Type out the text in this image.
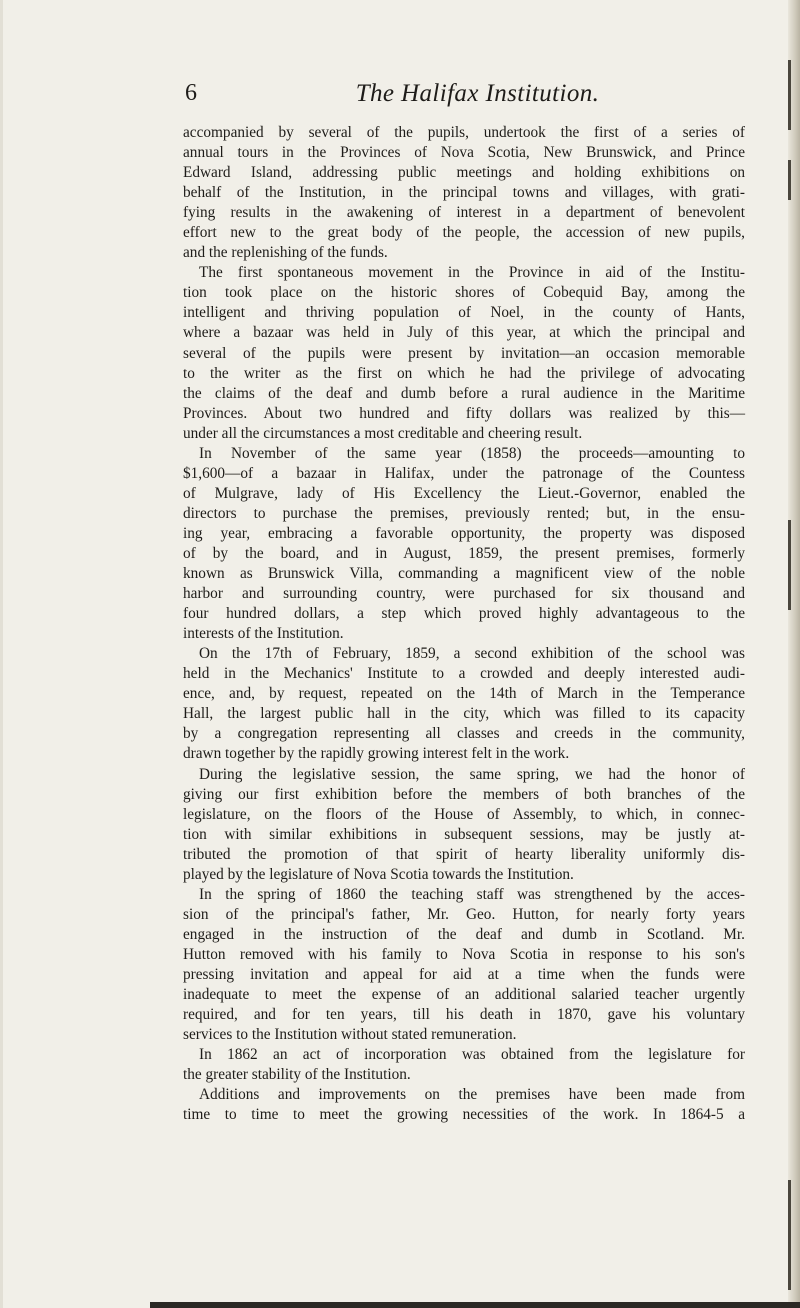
6	The Halifax Institution.
accompanied by several of the pupils, undertook the first of a series of
annual tours in the Provinces of Nova Scotia, New Brunswick, and Prince
Edward Island, addressing public meetings and holding exhibitions on
behalf of the Institution, in the principal towns and villages, with grati-
fying results in the awakening of interest in a department of benevolent
effort new to the great body of the people, the accession of new pupils,
and the replenishing of the funds.
The first spontaneous movement in the Province in aid of the Institu-
tion took place on the historic shores of Cobequid Bay, among the
intelligent and thriving population of Noel, in the county of Hants,
where a bazaar was held in July of this year, at which the principal and
several of the pupils were present by invitation—an occasion memorable
to the writer as the first on which he had the privilege of advocating
the claims of the deaf and dumb before a rural audience in the Maritime
Provinces. About two hundred and fifty dollars was realized by this—
under all the circumstances a most creditable and cheering result.
In November of the same year (1858) the proceeds—amounting to
$1,600—of a bazaar in Halifax, under the patronage of the Countess
of Mulgrave, lady of His Excellency the Lieut.-Governor, enabled the
directors to purchase the premises, previously rented; but, in the ensu-
ing year, embracing a favorable opportunity, the property was disposed
of by the board, and in August, 1859, the present premises, formerly
known as Brunswick Villa, commanding a magnificent view of the noble
harbor and surrounding country, were purchased for six thousand and
four hundred dollars, a step which proved highly advantageous to the
interests of the Institution.
On the 17th of February, 1859, a second exhibition of the school was
held in the Mechanics' Institute to a crowded and deeply interested audi-
ence, and, by request, repeated on the 14th of March in the Temperance
Hall, the largest public hall in the city, which was filled to its capacity
by a congregation representing all classes and creeds in the community,
drawn together by the rapidly growing interest felt in the work.
During the legislative session, the same spring, we had the honor of
giving our first exhibition before the members of both branches of the
legislature, on the floors of the House of Assembly, to which, in connec-
tion with similar exhibitions in subsequent sessions, may be justly at-
tributed the promotion of that spirit of hearty liberality uniformly dis-
played by the legislature of Nova Scotia towards the Institution.
In the spring of 1860 the teaching staff was strengthened by the acces-
sion of the principal's father, Mr. Geo. Hutton, for nearly forty years
engaged in the instruction of the deaf and dumb in Scotland. Mr.
Hutton removed with his family to Nova Scotia in response to his son's
pressing invitation and appeal for aid at a time when the funds were
inadequate to meet the expense of an additional salaried teacher urgently
required, and for ten years, till his death in 1870, gave his voluntary
services to the Institution without stated remuneration.
In 1862 an act of incorporation was obtained from the legislature for
the greater stability of the Institution.
Additions and improvements on the premises have been made from
time to time to meet the growing necessities of the work. In 1864-5 a
